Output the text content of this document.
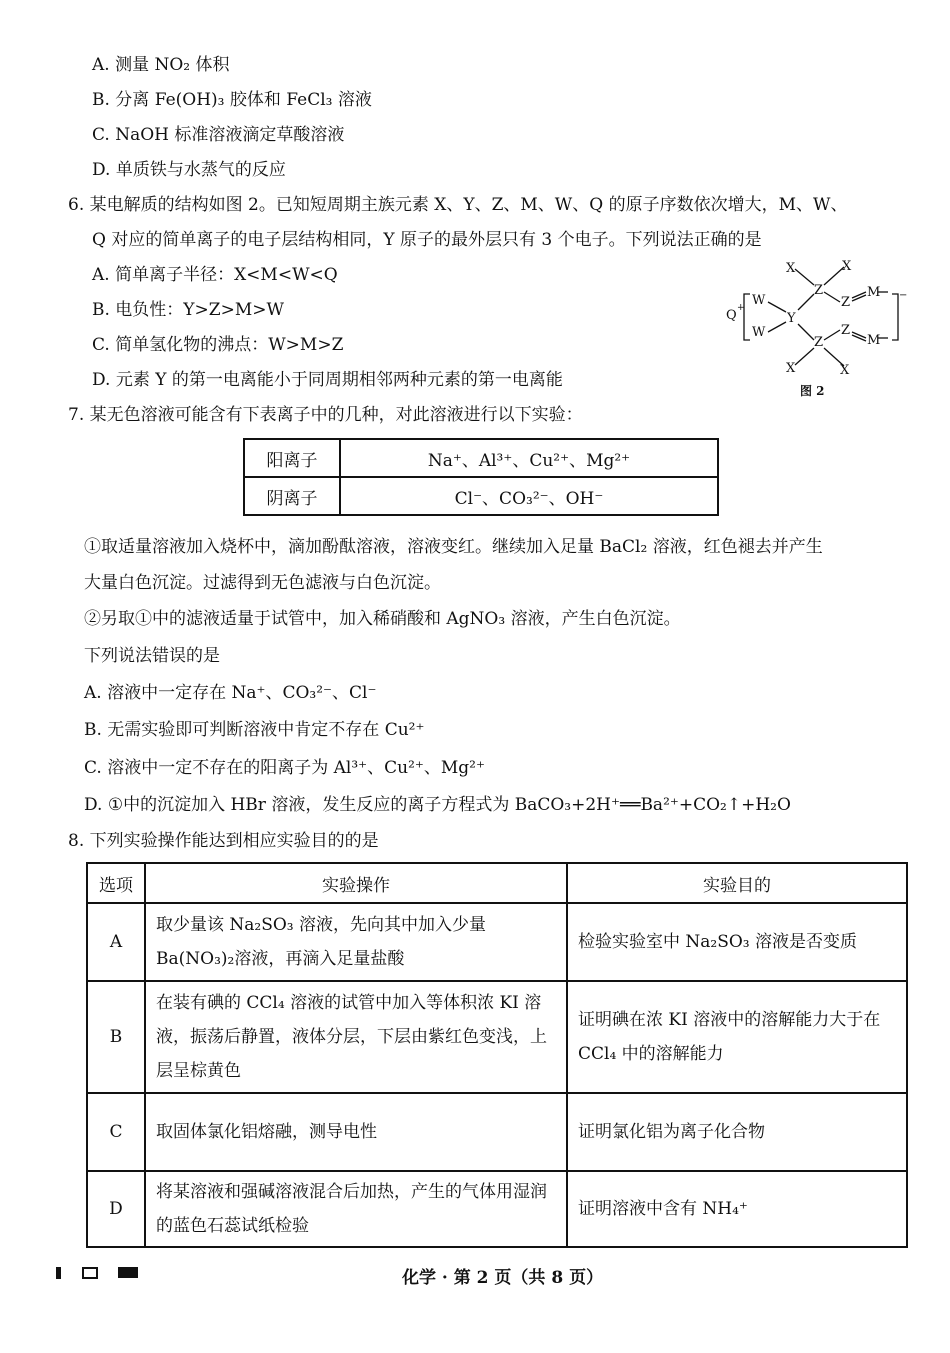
A. 测量 NO₂ 体积
B. 分离 Fe(OH)₃ 胶体和 FeCl₃ 溶液
C. NaOH 标准溶液滴定草酸溶液
D. 单质铁与水蒸气的反应
6. 某电解质的结构如图 2。已知短周期主族元素 X、Y、Z、M、W、Q 的原子序数依次增大，M、W、
Q 对应的简单离子的电子层结构相同，Y 原子的最外层只有 3 个电子。下列说法正确的是
A. 简单离子半径：X<M<W<Q
B. 电负性：Y>Z>M>W
C. 简单氢化物的沸点：W>M>Z
D. 元素 Y 的第一电离能小于同周期相邻两种元素的第一电离能
X	X
Z
Z
M
W
Y
W
Z
Z
M
X	X
Q +
−
图 2
7. 某无色溶液可能含有下表离子中的几种，对此溶液进行以下实验：
阳离子	Na⁺、Al³⁺、Cu²⁺、Mg²⁺
阴离子	Cl⁻、CO₃²⁻、OH⁻
①取适量溶液加入烧杯中，滴加酚酞溶液，溶液变红。继续加入足量 BaCl₂ 溶液，红色褪去并产生
大量白色沉淀。过滤得到无色滤液与白色沉淀。
②另取①中的滤液适量于试管中，加入稀硝酸和 AgNO₃ 溶液，产生白色沉淀。
下列说法错误的是
A. 溶液中一定存在 Na⁺、CO₃²⁻、Cl⁻
B. 无需实验即可判断溶液中肯定不存在 Cu²⁺
C. 溶液中一定不存在的阳离子为 Al³⁺、Cu²⁺、Mg²⁺
D. ①中的沉淀加入 HBr 溶液，发生反应的离子方程式为 BaCO₃+2H⁺══Ba²⁺+CO₂↑+H₂O
8. 下列实验操作能达到相应实验目的的是
选项	实验操作	实验目的
A	取少量该 Na₂SO₃ 溶液，先向其中加入少量 Ba(NO₃)₂溶液，再滴入足量盐酸	检验实验室中 Na₂SO₃ 溶液是否变质
B	在装有碘的 CCl₄ 溶液的试管中加入等体积浓 KI 溶液，振荡后静置，液体分层，下层由紫红色变浅，上层呈棕黄色	证明碘在浓 KI 溶液中的溶解能力大于在 CCl₄ 中的溶解能力
C	取固体氯化铝熔融，测导电性	证明氯化铝为离子化合物
D	将某溶液和强碱溶液混合后加热，产生的气体用湿润的蓝色石蕊试纸检验	证明溶液中含有 NH₄⁺
化学 · 第 2 页（共 8 页）
